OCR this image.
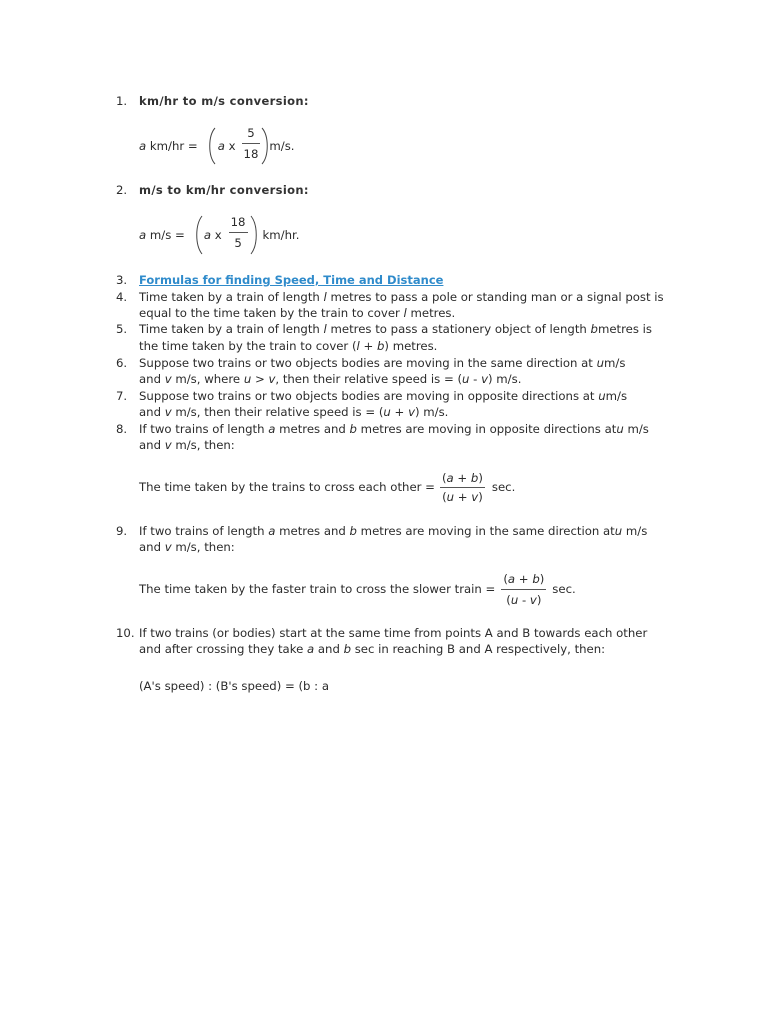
1.	km/hr to m/s conversion:
a km/hr = a x $\frac{5}{18} m/s$.
2.	m/s to km/hr conversion:
a m/s = a x $\frac{18}{5} km/hr$.
3.	Formulas for finding Speed, Time and Distance
4.	Time taken by a train of length l metres to pass a pole or standing man or a signal post is
equal to the time taken by the train to cover l metres.
5.	Time taken by a train of length l metres to pass a stationery object of length bmetres is
the time taken by the train to cover (l + b) metres.
6.	Suppose two trains or two objects bodies are moving in the same direction at um/s
and v m/s, where u > v, then their relative speed is = (u - v) m/s.
7.	Suppose two trains or two objects bodies are moving in opposite directions at um/s
and v m/s, then their relative speed is = (u + v) m/s.
8.	If two trains of length a metres and b metres are moving in opposite directions atu m/s
and v m/s, then:
The time taken by the trains to cross each other = $\frac{(a + b)}{(u + v)} \sec$.
9.	If two trains of length a metres and b metres are moving in the same direction atu m/s
and v m/s, then:
The time taken by the faster train to cross the slower train = $\frac{(a + b)}{(u - v)} \sec$.
10. If two trains (or bodies) start at the same time from points A and B towards each other
and after crossing they take a and b sec in reaching B and A respectively, then:
(A's speed) : (B's speed) = (b : a
